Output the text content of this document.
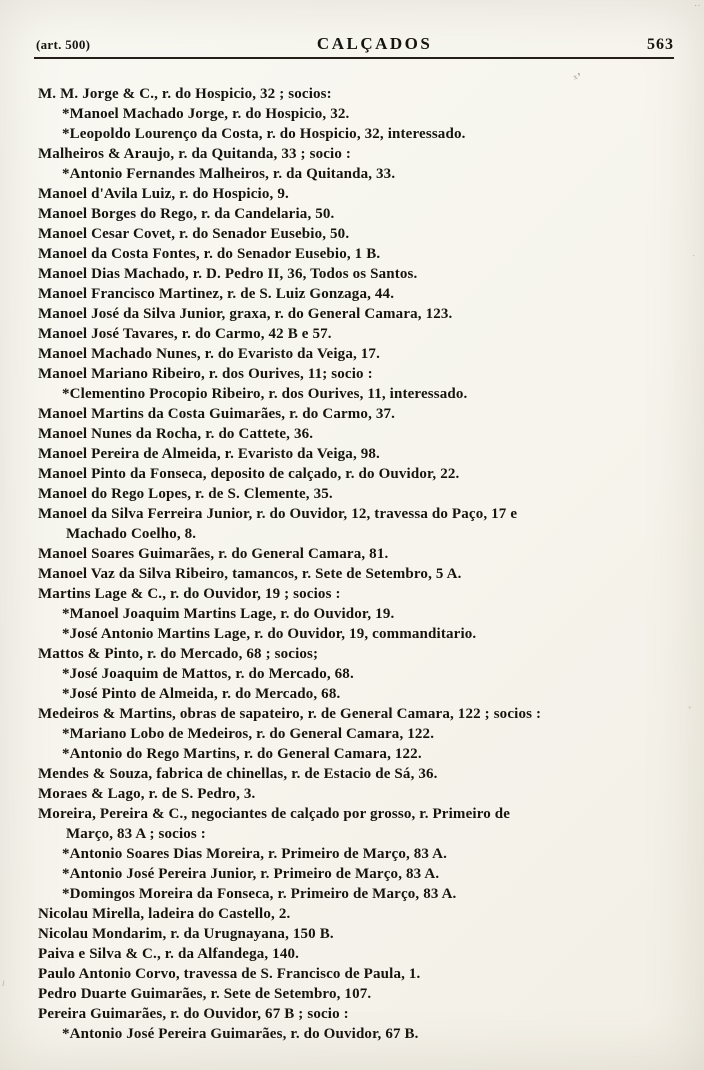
(art. 500)	CALÇADOS	563

M. M. Jorge & C., r. do Hospicio, 32 ; socios:

*Manoel Machado Jorge, r. do Hospicio, 32.

*Leopoldo Lourenço da Costa, r. do Hospicio, 32, interessado.

Malheiros & Araujo, r. da Quitanda, 33 ; socio :

*Antonio Fernandes Malheiros, r. da Quitanda, 33.

Manoel d'Avila Luiz, r. do Hospicio, 9.

Manoel Borges do Rego, r. da Candelaria, 50.

Manoel Cesar Covet, r. do Senador Eusebio, 50.

Manoel da Costa Fontes, r. do Senador Eusebio, 1 B.

Manoel Dias Machado, r. D. Pedro II, 36, Todos os Santos.

Manoel Francisco Martinez, r. de S. Luiz Gonzaga, 44.

Manoel José da Silva Junior, graxa, r. do General Camara, 123.

Manoel José Tavares, r. do Carmo, 42 B e 57.

Manoel Machado Nunes, r. do Evaristo da Veiga, 17.

Manoel Mariano Ribeiro, r. dos Ourives, 11; socio :

*Clementino Procopio Ribeiro, r. dos Ourives, 11, interessado.

Manoel Martins da Costa Guimarães, r. do Carmo, 37.

Manoel Nunes da Rocha, r. do Cattete, 36.

Manoel Pereira de Almeida, r. Evaristo da Veiga, 98.

Manoel Pinto da Fonseca, deposito de calçado, r. do Ouvidor, 22.

Manoel do Rego Lopes, r. de S. Clemente, 35.

Manoel da Silva Ferreira Junior, r. do Ouvidor, 12, travessa do Paço, 17 e

Machado Coelho, 8.

Manoel Soares Guimarães, r. do General Camara, 81.

Manoel Vaz da Silva Ribeiro, tamancos, r. Sete de Setembro, 5 A.

Martins Lage & C., r. do Ouvidor, 19 ; socios :

*Manoel Joaquim Martins Lage, r. do Ouvidor, 19.

*José Antonio Martins Lage, r. do Ouvidor, 19, commanditario.

Mattos & Pinto, r. do Mercado, 68 ; socios;

*José Joaquim de Mattos, r. do Mercado, 68.

*José Pinto de Almeida, r. do Mercado, 68.

Medeiros & Martins, obras de sapateiro, r. de General Camara, 122 ; socios :

*Mariano Lobo de Medeiros, r. do General Camara, 122.

*Antonio do Rego Martins, r. do General Camara, 122.

Mendes & Souza, fabrica de chinellas, r. de Estacio de Sá, 36.

Moraes & Lago, r. de S. Pedro, 3.

Moreira, Pereira & C., negociantes de calçado por grosso, r. Primeiro de

Março, 83 A ; socios :

*Antonio Soares Dias Moreira, r. Primeiro de Março, 83 A.

*Antonio José Pereira Junior, r. Primeiro de Março, 83 A.

*Domingos Moreira da Fonseca, r. Primeiro de Março, 83 A.

Nicolau Mirella, ladeira do Castello, 2.

Nicolau Mondarim, r. da Urugnayana, 150 B.

Paiva e Silva & C., r. da Alfandega, 140.

Paulo Antonio Corvo, travessa de S. Francisco de Paula, 1.

Pedro Duarte Guimarães, r. Sete de Setembro, 107.

Pereira Guimarães, r. do Ouvidor, 67 B ; socio :

*Antonio José Pereira Guimarães, r. do Ouvidor, 67 B.

ˣ’
˙˙
ˡ
˚
˙
